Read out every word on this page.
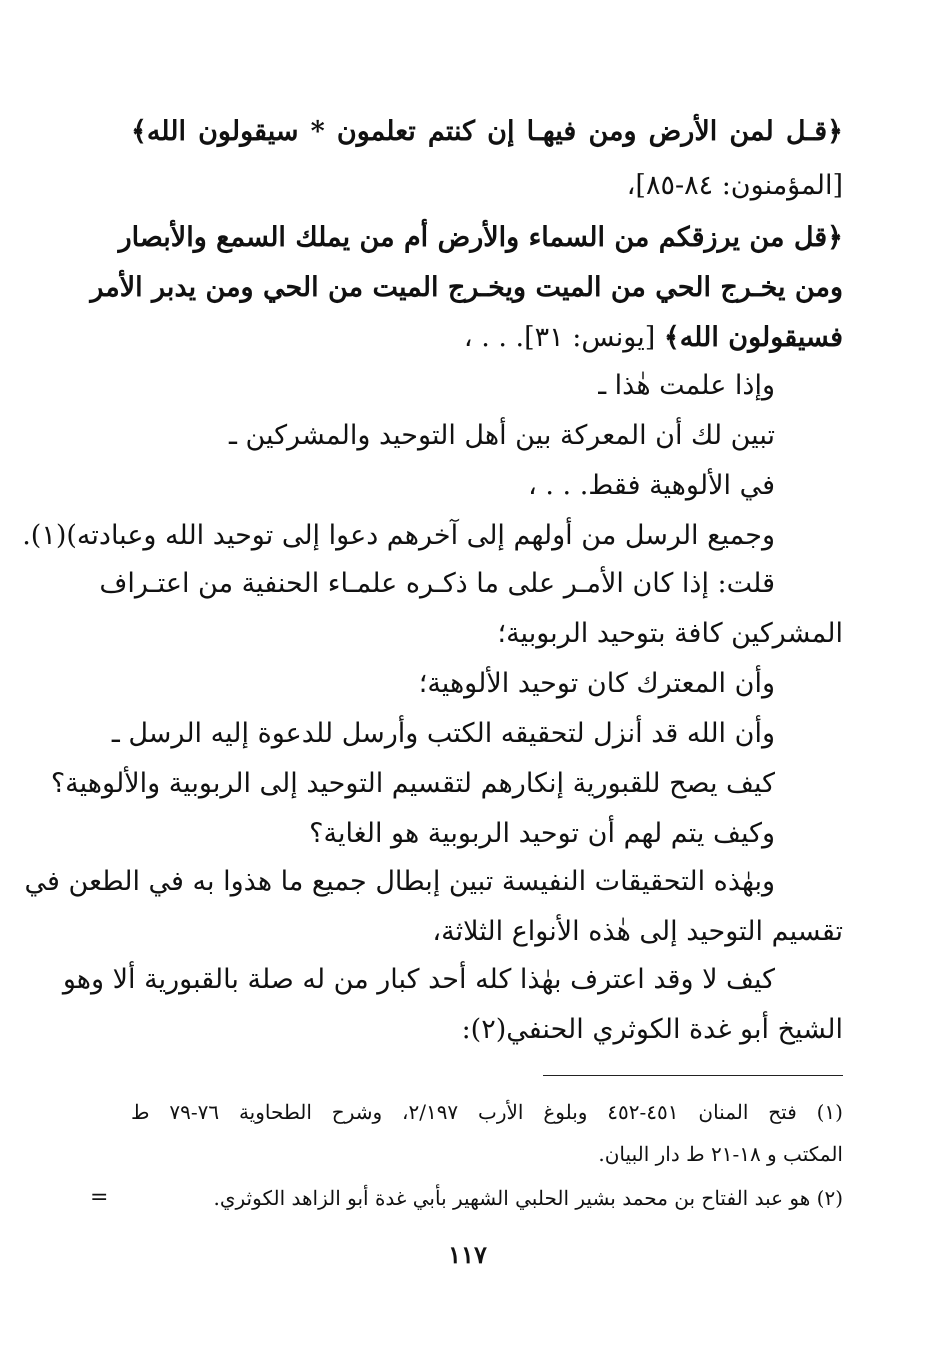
﴿قـل لمن الأرض ومن فيهـا إن كنتم تعلمون * سيقولون الله﴾
[المؤمنون: ٨٤-٨٥]،
﴿قل من يرزقكم من السماء والأرض أم من يملك السمع والأبصار
ومن يخـرج الحي من الميت ويخـرج الميت من الحي ومن يدبر الأمر
فسيقولون الله﴾ [يونس: ٣١]. . . ،
وإذا علمت هٰذا ـ
تبين لك أن المعركة بين أهل التوحيد والمشركين ـ
في الألوهية فقط. . . ،
وجميع الرسل من أولهم إلى آخرهم دعوا إلى توحيد الله وعبادته)(١).
قلت: إذا كان الأمـر على ما ذكـره علمـاء الحنفية من اعتـراف
المشركين كافة بتوحيد الربوبية؛
وأن المعترك كان توحيد الألوهية؛
وأن الله قد أنزل لتحقيقه الكتب وأرسل للدعوة إليه الرسل ـ
كيف يصح للقبورية إنكارهم لتقسيم التوحيد إلى الربوبية والألوهية؟
وكيف يتم لهم أن توحيد الربوبية هو الغاية؟
وبهٰذه التحقيقات النفيسة تبين إبطال جميع ما هذوا به في الطعن في
تقسيم التوحيد إلى هٰذه الأنواع الثلاثة،
كيف لا وقد اعترف بهٰذا كله أحد كبار من له صلة بالقبورية ألا وهو
الشيخ أبو غدة الكوثري الحنفي(٢):
(١) فتح المنان ٤٥١-٤٥٢ وبلوغ الأرب ٢/١٩٧، وشرح الطحاوية ٧٦-٧٩ ط
المكتب و ١٨-٢١ ط دار البيان.
(٢) هو عبد الفتاح بن محمد بشير الحلبي الشهير بأبي غدة أبو الزاهد الكوثري.
=
١١٧
